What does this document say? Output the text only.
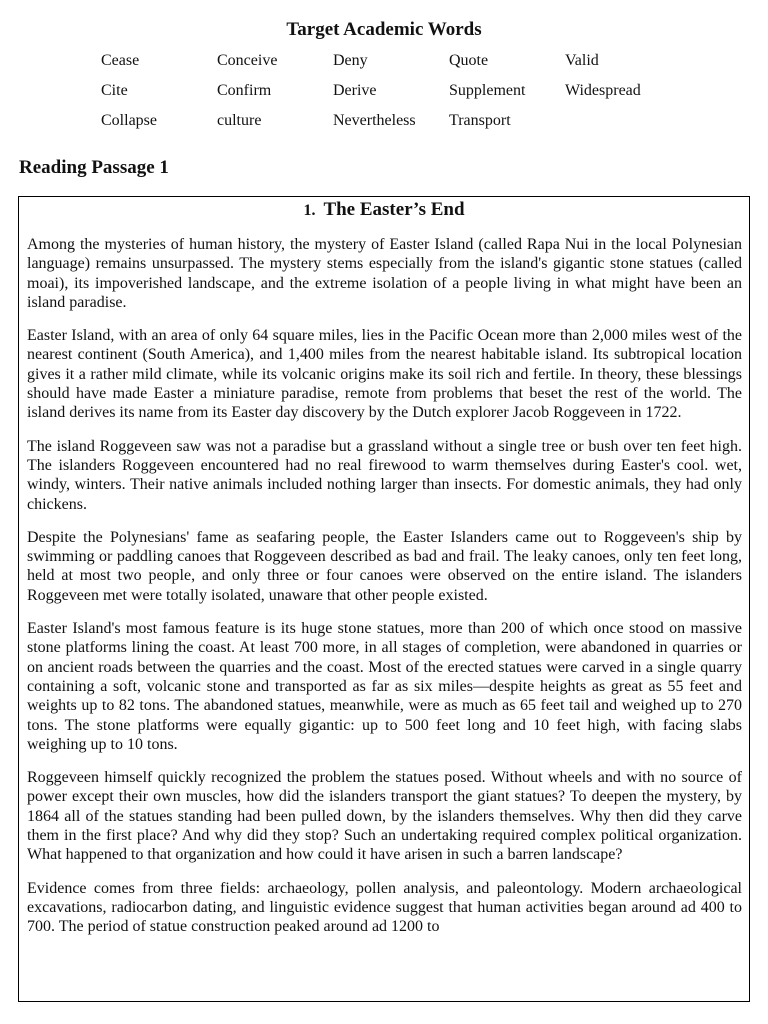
Target Academic Words
Cease	Conceive	Deny	Quote	Valid
Cite	Confirm	Derive	Supplement	Widespread
Collapse	culture	Nevertheless	Transport
Reading Passage 1
1. The Easter’s End

Among the mysteries of human history, the mystery of Easter Island (called Rapa Nui in the local Polynesian language) remains unsurpassed. The mystery stems especially from the island's gigantic stone statues (called moai), its impoverished landscape, and the extreme isolation of a people living in what might have been an island paradise.

Easter Island, with an area of only 64 square miles, lies in the Pacific Ocean more than 2,000 miles west of the nearest continent (South America), and 1,400 miles from the nearest habitable island. Its subtropical location gives it a rather mild climate, while its volcanic origins make its soil rich and fertile. In theory, these blessings should have made Easter a miniature paradise, remote from problems that beset the rest of the world. The island derives its name from its Easter day discovery by the Dutch explorer Jacob Roggeveen in 1722.

The island Roggeveen saw was not a paradise but a grassland without a single tree or bush over ten feet high. The islanders Roggeveen encountered had no real firewood to warm themselves during Easter's cool. wet, windy, winters. Their native animals included nothing larger than insects. For domestic animals, they had only chickens.

Despite the Polynesians' fame as seafaring people, the Easter Islanders came out to Roggeveen's ship by swimming or paddling canoes that Roggeveen described as bad and frail. The leaky canoes, only ten feet long, held at most two people, and only three or four canoes were observed on the entire island. The islanders Roggeveen met were totally isolated, unaware that other people existed.

Easter Island's most famous feature is its huge stone statues, more than 200 of which once stood on massive stone platforms lining the coast. At least 700 more, in all stages of completion, were abandoned in quarries or on ancient roads between the quarries and the coast. Most of the erected statues were carved in a single quarry containing a soft, volcanic stone and transported as far as six miles—despite heights as great as 55 feet and weights up to 82 tons. The abandoned statues, meanwhile, were as much as 65 feet tail and weighed up to 270 tons. The stone platforms were equally gigantic: up to 500 feet long and 10 feet high, with facing slabs weighing up to 10 tons.

Roggeveen himself quickly recognized the problem the statues posed. Without wheels and with no source of power except their own muscles, how did the islanders transport the giant statues? To deepen the mystery, by 1864 all of the statues standing had been pulled down, by the islanders themselves. Why then did they carve them in the first place? And why did they stop? Such an undertaking required complex political organization. What happened to that organization and how could it have arisen in such a barren landscape?

Evidence comes from three fields: archaeology, pollen analysis, and paleontology. Modern archaeological excavations, radiocarbon dating, and linguistic evidence suggest that human activities began around ad 400 to 700. The period of statue construction peaked around ad 1200 to
